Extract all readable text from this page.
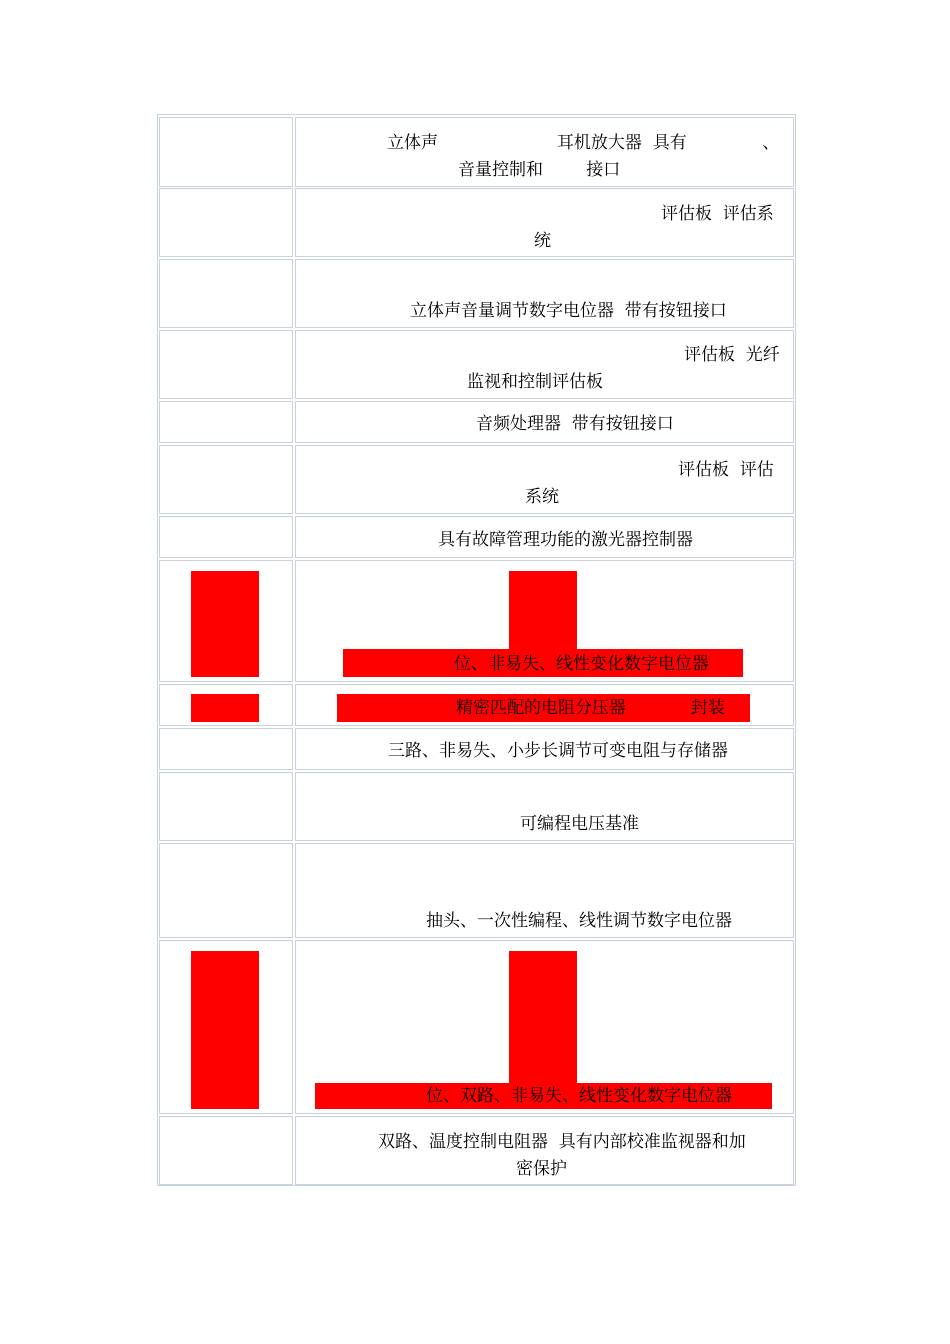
立体声                      耳机放大器  具有              、
音量控制和        接口
评估板  评估系
统
立体声音量调节数字电位器  带有按钮接口
评估板  光纤
监视和控制评估板
音频处理器  带有按钮接口
评估板  评估
系统
具有故障管理功能的激光器控制器
位、非易失、线性变化数字电位器
精密匹配的电阻分压器            封装
三路、非易失、小步长调节可变电阻与存储器
可编程电压基准
抽头、一次性编程、线性调节数字电位器
位、双路、非易失、线性变化数字电位器
双路、温度控制电阻器  具有内部校准监视器和加
密保护
